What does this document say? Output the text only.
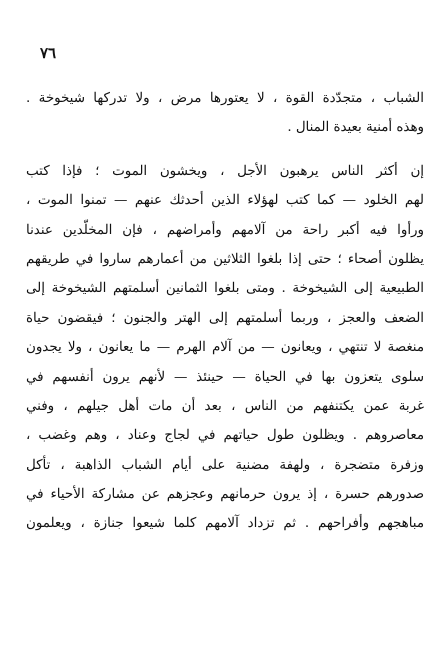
٧٦
الشباب ، متجدّدة القوة ، لا يعتورها مرض ، ولا تدركها شيخوخة .
وهذه أمنية بعيدة المنال .
إن أكثر الناس يرهبون الأجل ، ويخشون الموت ؛ فإذا كتب
لهم الخلود — كما كتب لهؤلاء الذين أحدثك عنهم — تمنوا الموت ،
ورأوا فيه أكبر راحة من آلامهم وأمراضهم ، فإن المخلّدين عندنا
يظلون أصحاء ؛ حتى إذا بلغوا الثلاثين من أعمارهم ساروا في طريقهم
الطبيعية إلى الشيخوخة . ومتى بلغوا الثمانين أسلمتهم الشيخوخة إلى
الضعف والعجز ، وربما أسلمتهم إلى الهتر والجنون ؛ فيقضون حياة
منغصة لا تنتهي ، ويعانون — من آلام الهرم — ما يعانون ، ولا يجدون
سلوى يتعزون بها في الحياة — حينئذ — لأنهم يرون أنفسهم في
غربة عمن يكتنفهم من الناس ، بعد أن مات أهل جيلهم ، وفني
معاصروهم . ويظلون طول حياتهم في لجاج وعناد ، وهم وغضب ،
وزفرة متضجرة ، ولهفة مضنية على أيام الشباب الذاهبة ، تأكل
صدورهم حسرة ، إذ يرون حرمانهم وعجزهم عن مشاركة الأحياء في
مباهجهم وأفراحهم . ثم تزداد آلامهم كلما شيعوا جنازة ، ويعلمون
